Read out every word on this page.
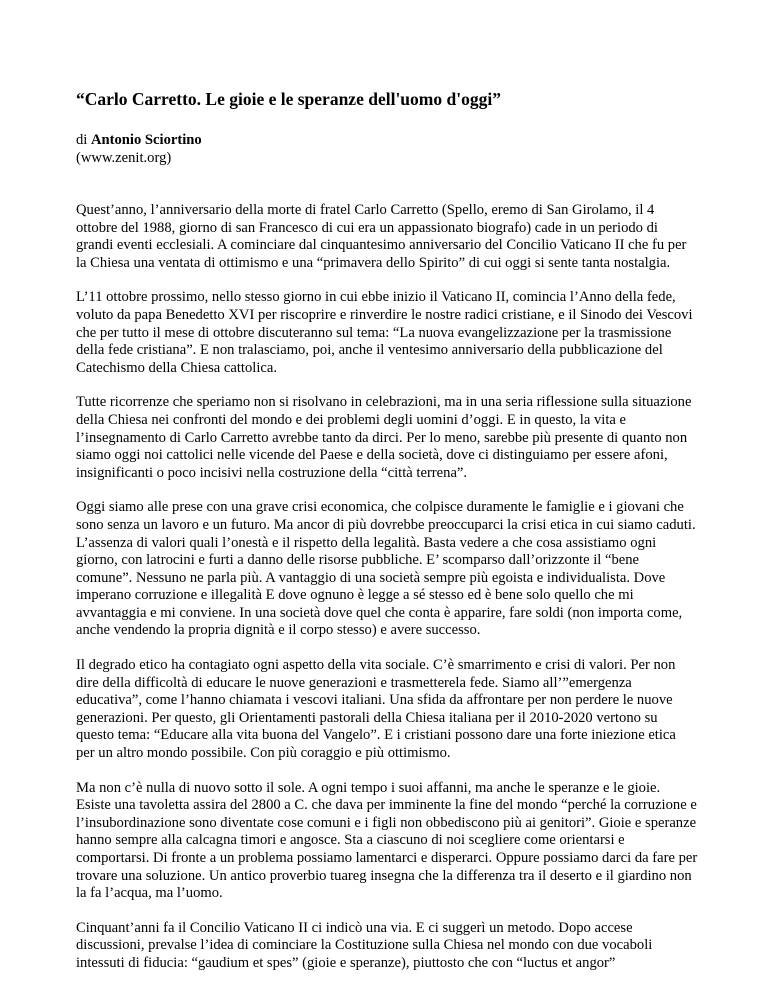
“Carlo Carretto. Le gioie e le speranze dell'uomo d'oggi”
di Antonio Sciortino
(www.zenit.org)

Quest’anno, l’anniversario della morte di fratel Carlo Carretto (Spello, eremo di San Girolamo, il 4 ottobre del 1988, giorno di san Francesco di cui era un appassionato biografo) cade in un periodo di grandi eventi ecclesiali. A cominciare dal cinquantesimo anniversario del Concilio Vaticano II che fu per la Chiesa una ventata di ottimismo e una “primavera dello Spirito” di cui oggi si sente tanta nostalgia.

L’11 ottobre prossimo, nello stesso giorno in cui ebbe inizio il Vaticano II, comincia l’Anno della fede, voluto da papa Benedetto XVI per riscoprire e rinverdire le nostre radici cristiane, e il Sinodo dei Vescovi che per tutto il mese di ottobre discuteranno sul tema: “La nuova evangelizzazione per la trasmissione della fede cristiana”. E non tralasciamo, poi, anche il ventesimo anniversario della pubblicazione del Catechismo della Chiesa cattolica.

Tutte ricorrenze che speriamo non si risolvano in celebrazioni, ma in una seria riflessione sulla situazione della Chiesa nei confronti del mondo e dei problemi degli uomini d’oggi. E in questo, la vita e l’insegnamento di Carlo Carretto avrebbe tanto da dirci. Per lo meno, sarebbe più presente di quanto non siamo oggi noi cattolici nelle vicende del Paese e della società, dove ci distinguiamo per essere afoni, insignificanti o poco incisivi nella costruzione della “città terrena”.

Oggi siamo alle prese con una grave crisi economica, che colpisce duramente le famiglie e i giovani che sono senza un lavoro e un futuro. Ma ancor di più dovrebbe preoccuparci la crisi etica in cui siamo caduti. L’assenza di valori quali l’onestà e il rispetto della legalità. Basta vedere a che cosa assistiamo ogni giorno, con latrocini e furti a danno delle risorse pubbliche. E’ scomparso dall’orizzonte il “bene comune”. Nessuno ne parla più. A vantaggio di una società sempre più egoista e individualista. Dove imperano corruzione e illegalità E dove ognuno è legge a sé stesso ed è bene solo quello che mi avvantaggia e mi conviene. In una società dove quel che conta è apparire, fare soldi (non importa come, anche vendendo la propria dignità e il corpo stesso) e avere successo.

Il degrado etico ha contagiato ogni aspetto della vita sociale. C’è smarrimento e crisi di valori. Per non dire della difficoltà di educare le nuove generazioni e trasmetterela fede. Siamo all’”emergenza educativa”, come l’hanno chiamata i vescovi italiani. Una sfida da affrontare per non perdere le nuove generazioni. Per questo, gli Orientamenti pastorali della Chiesa italiana per il 2010-2020 vertono su questo tema: “Educare alla vita buona del Vangelo”. E i cristiani possono dare una forte iniezione etica per un altro mondo possibile. Con più coraggio e più ottimismo.

Ma non c’è nulla di nuovo sotto il sole. A ogni tempo i suoi affanni, ma anche le speranze e le gioie. Esiste una tavoletta assira del 2800 a C. che dava per imminente la fine del mondo “perché la corruzione e l’insubordinazione sono diventate cose comuni e i figli non obbediscono più ai genitori”. Gioie e speranze hanno sempre alla calcagna timori e angosce. Sta a ciascuno di noi scegliere come orientarsi e comportarsi. Di fronte a un problema possiamo lamentarci e disperarci. Oppure possiamo darci da fare per trovare una soluzione. Un antico proverbio tuareg insegna che la differenza tra il deserto e il giardino non la fa l’acqua, ma l’uomo.

Cinquant’anni fa il Concilio Vaticano II ci indicò una via. E ci suggerì un metodo. Dopo accese discussioni, prevalse l’idea di cominciare la Costituzione sulla Chiesa nel mondo con due vocaboli intessuti di fiducia: “gaudium et spes” (gioie e speranze), piuttosto che con “luctus et angor”
